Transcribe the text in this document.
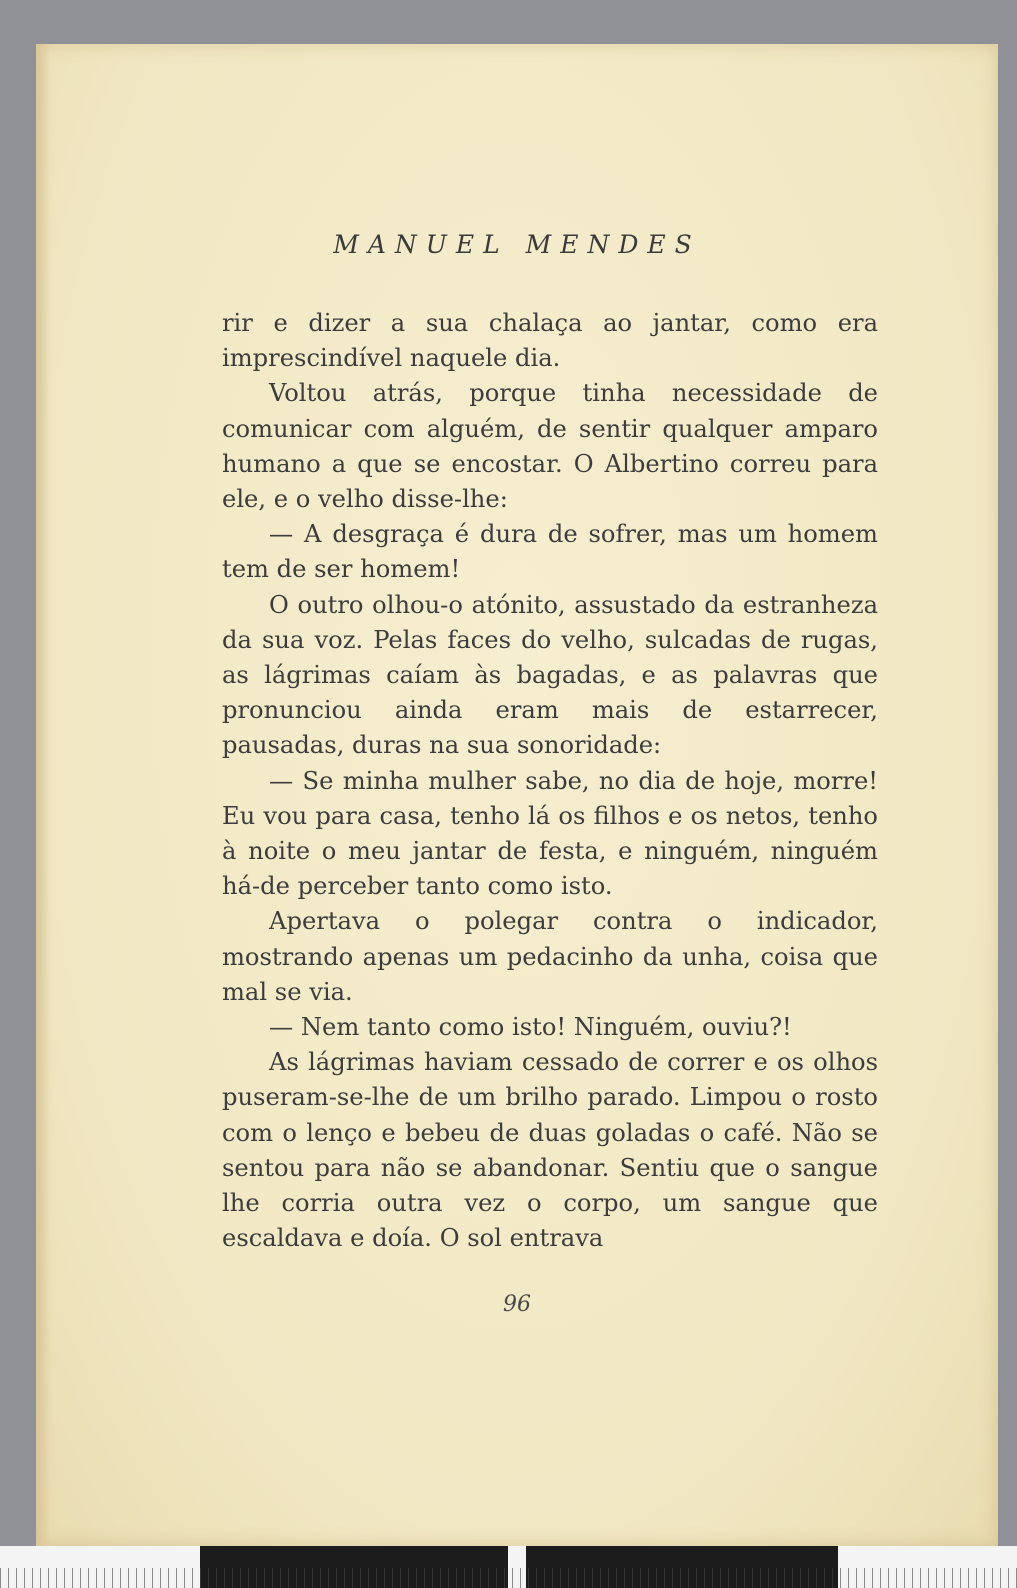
MANUEL MENDES

rir e dizer a sua chalaça ao jantar, como era imprescindível naquele dia.

Voltou atrás, porque tinha necessidade de comunicar com alguém, de sentir qualquer amparo humano a que se encostar. O Albertino correu para ele, e o velho disse-lhe:

— A desgraça é dura de sofrer, mas um homem tem de ser homem!

O outro olhou-o atónito, assustado da estranheza da sua voz. Pelas faces do velho, sulcadas de rugas, as lágrimas caíam às bagadas, e as palavras que pronunciou ainda eram mais de estarrecer, pausadas, duras na sua sonoridade:

— Se minha mulher sabe, no dia de hoje, morre! Eu vou para casa, tenho lá os filhos e os netos, tenho à noite o meu jantar de festa, e ninguém, ninguém há-de perceber tanto como isto.

Apertava o polegar contra o indicador, mostrando apenas um pedacinho da unha, coisa que mal se via.

— Nem tanto como isto! Ninguém, ouviu?!

As lágrimas haviam cessado de correr e os olhos puseram-se-lhe de um brilho parado. Limpou o rosto com o lenço e bebeu de duas goladas o café. Não se sentou para não se abandonar. Sentiu que o sangue lhe corria outra vez o corpo, um sangue que escaldava e doía. O sol entrava

96
